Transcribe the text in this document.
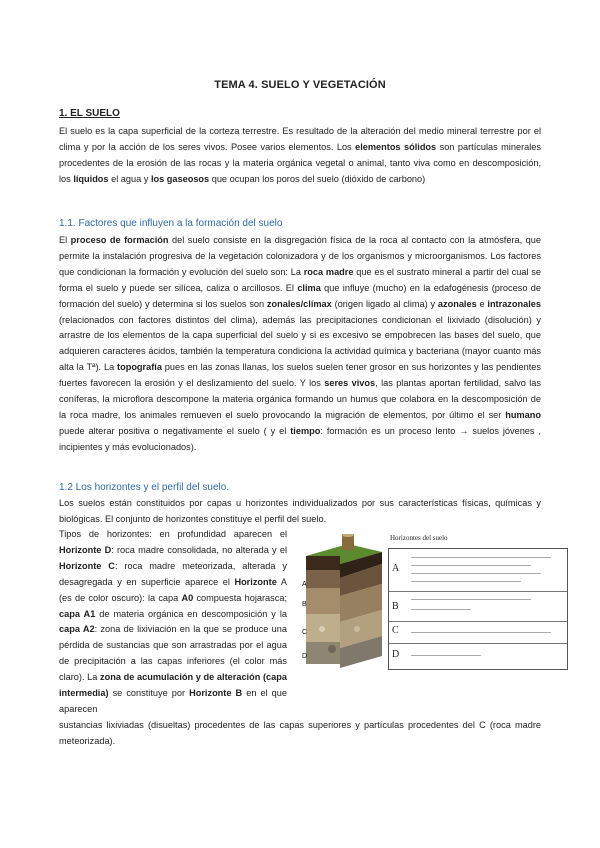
TEMA 4. SUELO Y VEGETACIÓN
1. EL SUELO

El suelo es la capa superficial de la corteza terrestre. Es resultado de la alteración del medio mineral terrestre por el clima y por la acción de los seres vivos. Posee varios elementos. Los elementos sólidos son partículas minerales procedentes de la erosión de las rocas y la materia orgánica vegetal o animal, tanto viva como en descomposición, los líquidos el agua y los gaseosos que ocupan los poros del suelo (dióxido de carbono)

1.1. Factores que influyen a la formación del suelo

El proceso de formación del suelo consiste en la disgregación física de la roca al contacto con la atmósfera, que permite la instalación progresiva de la vegetación colonizadora y de los organismos y microorganismos. Los factores que condicionan la formación y evolución del suelo son: La roca madre que es el sustrato mineral a partir del cual se forma el suelo y puede ser silícea, caliza o arcillosos. El clima que influye (mucho) en la edafogénesis (proceso de formación del suelo) y determina si los suelos son zonales/clímax (origen ligado al clima) y azonales e intrazonales (relacionados con factores distintos del clima), además las precipitaciones condicionan el lixiviado (disolución) y arrastre de los elementos de la capa superficial del suelo y si es excesivo se empobrecen las bases del suelo, que adquieren caracteres ácidos, también la temperatura condiciona la actividad química y bacteriana (mayor cuanto más alta la Tª). La topografía pues en las zonas llanas, los suelos suelen tener grosor en sus horizontes y las pendientes fuertes favorecen la erosión y el deslizamiento del suelo. Y los seres vivos, las plantas aportan fertilidad, salvo las coníferas, la microflora descompone la materia orgánica formando un humus que colabora en la descomposición de la roca madre, los animales remueven el suelo provocando la migración de elementos, por último el ser humano puede alterar positiva o negativamente el suelo ( y el tiempo: formación es un proceso lento → suelos jóvenes , incipientes y más evolucionados).

1.2 Los horizontes y el perfil del suelo.

Los suelos están constituidos por capas u horizontes individualizados por sus características físicas, químicas y biológicas. El conjunto de horizontes constituye el perfil del suelo.

Tipos de horizontes: en profundidad aparecen el Horizonte D: roca madre consolidada, no alterada y el Horizonte C: roca madre meteorizada, alterada y desagregada y en superficie aparece el Horizonte A (es de color oscuro): la capa A0 compuesta hojarasca; capa A1 de materia orgánica en descomposición y la capa A2: zona de lixiviación en la que se produce una pérdida de sustancias que son arrastradas por el agua de precipitación a las capas inferiores (el color más claro). La zona de acumulación y de alteración (capa intermedia) se constituye por Horizonte B en el que aparecen

sustancias lixiviadas (disueltas) procedentes de las capas superiores y partículas procedentes del C (roca madre meteorizada).

A
B
C
D
Horizontes del suelo
A
B
C
D
